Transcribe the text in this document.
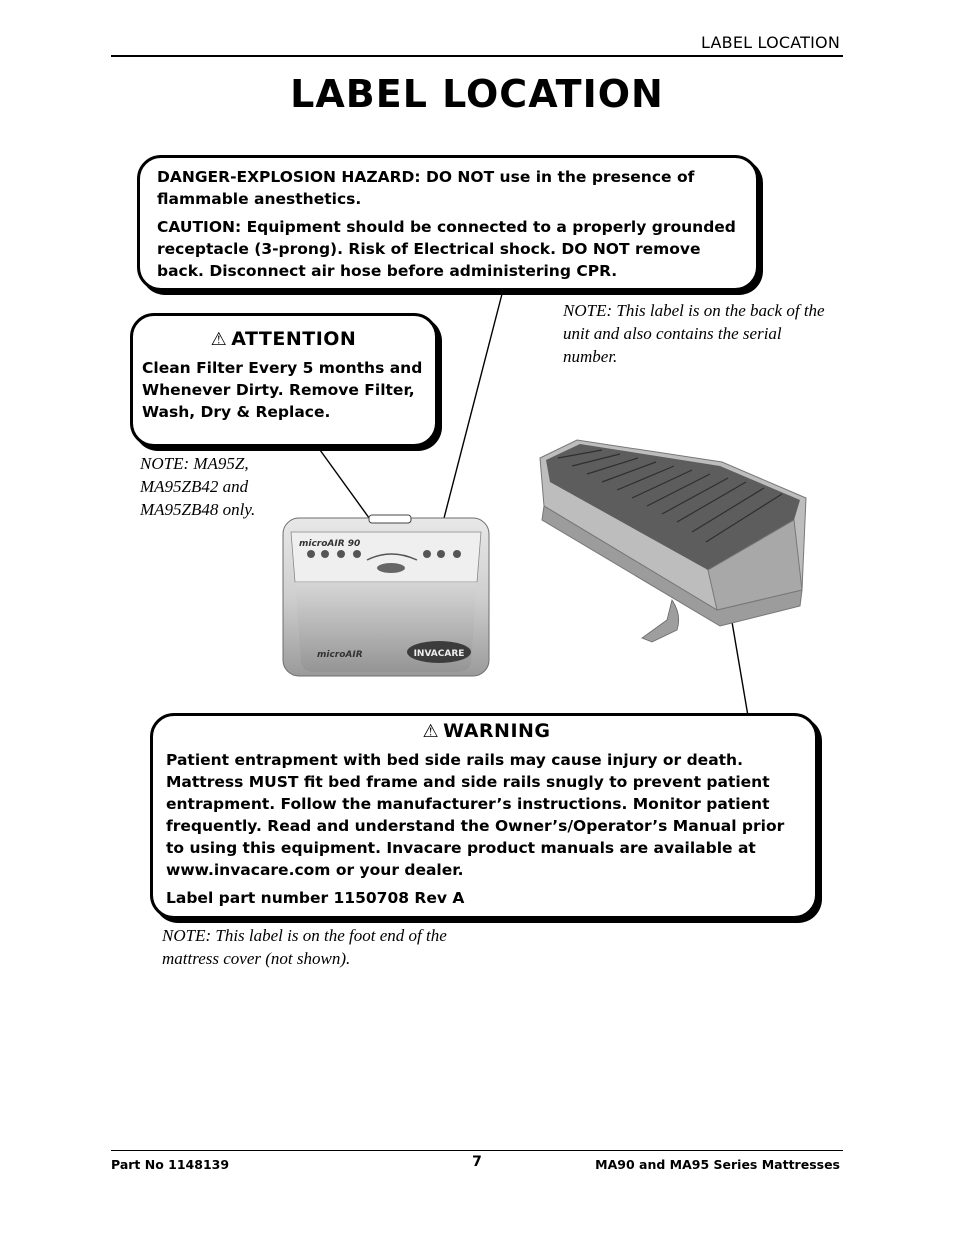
LABEL LOCATION
LABEL LOCATION

DANGER-EXPLOSION HAZARD: DO NOT use in the presence of flammable anesthetics.

CAUTION: Equipment should be connected to a properly grounded receptacle (3-prong). Risk of Electrical shock. DO NOT remove back. Disconnect air hose before administering CPR.

⚠ ATTENTION
Clean Filter Every 5 months and Whenever Dirty. Remove Filter, Wash, Dry & Replace.
NOTE: This label is on the back of the unit and also contains the serial number.
NOTE: MA95Z, MA95ZB42 and MA95ZB48 only.
microAIR 90
microAIR	INVACARE
⚠ WARNING

Patient entrapment with bed side rails may cause injury or death. Mattress MUST fit bed frame and side rails snugly to prevent patient entrapment. Follow the manufacturer’s instructions. Monitor patient frequently. Read and understand the Owner’s/Operator’s Manual prior to using this equipment. Invacare product manuals are available at www.invacare.com or your dealer.

Label part number 1150708 Rev A

NOTE: This label is on the foot end of the mattress cover (not shown).
Part No 1148139	7	MA90 and MA95 Series Mattresses
